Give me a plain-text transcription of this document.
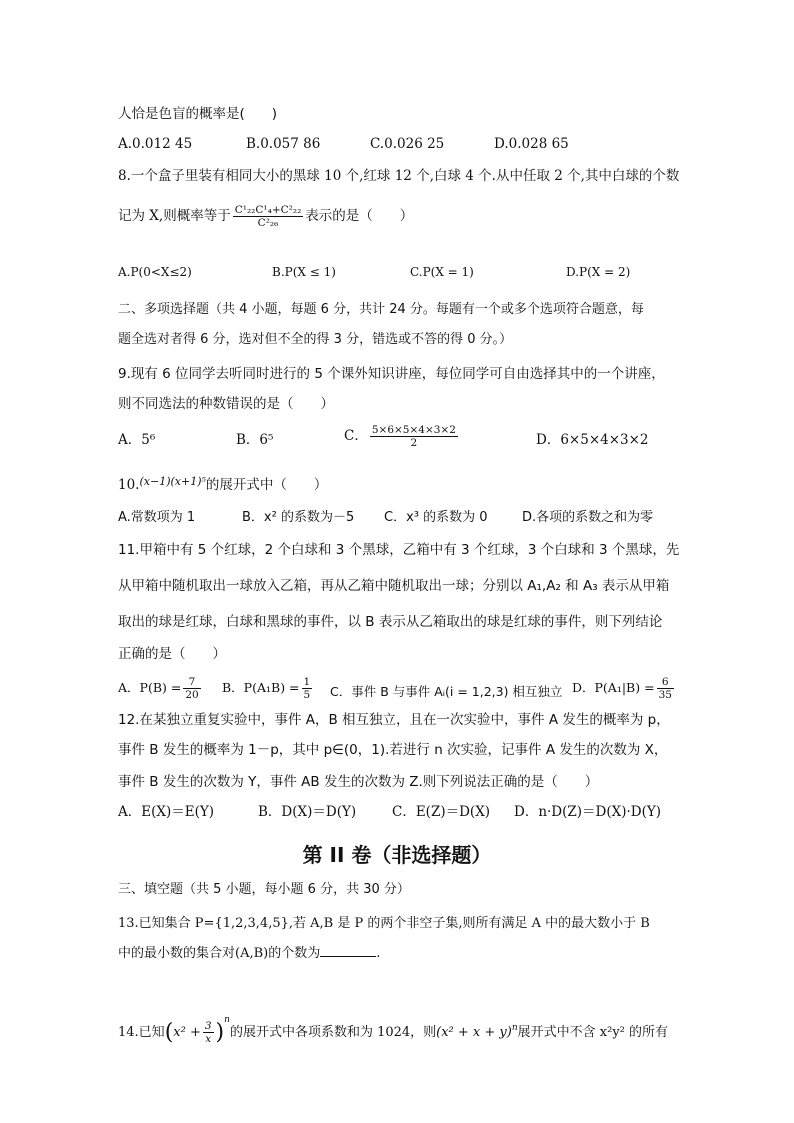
人恰是色盲的概率是(　　)
A.0.012 45	B.0.057 86	C.0.026 25	D.0.028 65
8.一个盒子里装有相同大小的黑球 10 个,红球 12 个,白球 4 个.从中任取 2 个,其中白球的个数
记为 X,则概率等于 $\frac{\text{C¹₂₂C¹₄+C²₂₂}}{\text{C²₂₆}}$ 表示的是（　　）
A.P(0<X≤2)	B.P(X ≤ 1)	C.P(X = 1)	D.P(X = 2)
二、多项选择题（共 4 小题，每题 6 分，共计 24 分。每题有一个或多个选项符合题意，每
题全选对者得 6 分，选对但不全的得 3 分，错选或不答的得 0 分。）
9.现有 6 位同学去听同时进行的 5 个课外知识讲座，每位同学可自由选择其中的一个讲座，
则不同选法的种数错误的是（　　）
A．5⁶	B．6⁵	C． $\frac{5\times 6\times 5\times 4\times 3\times 2}{2}$	D．6×5×4×3×2
10.$^{(x-1)(x+1)^5}$的展开式中（　　）
A.常数项为 1	B．x² 的系数为－5 C．x³ 的系数为 0	D.各项的系数之和为零
11.甲箱中有 5 个红球，2 个白球和 3 个黑球，乙箱中有 3 个红球，3 个白球和 3 个黑球，先
从甲箱中随机取出一球放入乙箱，再从乙箱中随机取出一球；分别以 A₁,A₂ 和 A₃ 表示从甲箱
取出的球是红球，白球和黑球的事件，以 B 表示从乙箱取出的球是红球的事件，则下列结论
正确的是（　　）
A．$P(B) = \frac{7}{20}$ B．$P(A_1B) = \frac{1}{5}$ C．事件 B 与事件 Aᵢ(i = 1,2,3) 相互独立 D．$P(A_1|B) = \frac{6}{35}$
12.在某独立重复实验中，事件 A，B 相互独立，且在一次实验中，事件 A 发生的概率为 p，
事件 B 发生的概率为 1－p，其中 p∈(0，1).若进行 n 次实验，记事件 A 发生的次数为 X，
事件 B 发生的次数为 Y，事件 AB 发生的次数为 Z.则下列说法正确的是（　　）
A．E(X)＝E(Y)	B．D(X)＝D(Y)	C．E(Z)＝D(X) D．n·D(Z)＝D(X)·D(Y)
第 II 卷（非选择题）
三、填空题（共 5 小题，每小题 6 分，共 30 分）
13.已知集合 P={1,2,3,4,5},若 A,B 是 P 的两个非空子集,则所有满足 A 中的最大数小于 B
中的最小数的集合对(A,B)的个数为	.
14.已知$(x^2 + \frac{3}{x} )^n$的展开式中各项系数和为 1024，则$(x^2 + x + y)^n$展开式中不含 x²y² 的所有
